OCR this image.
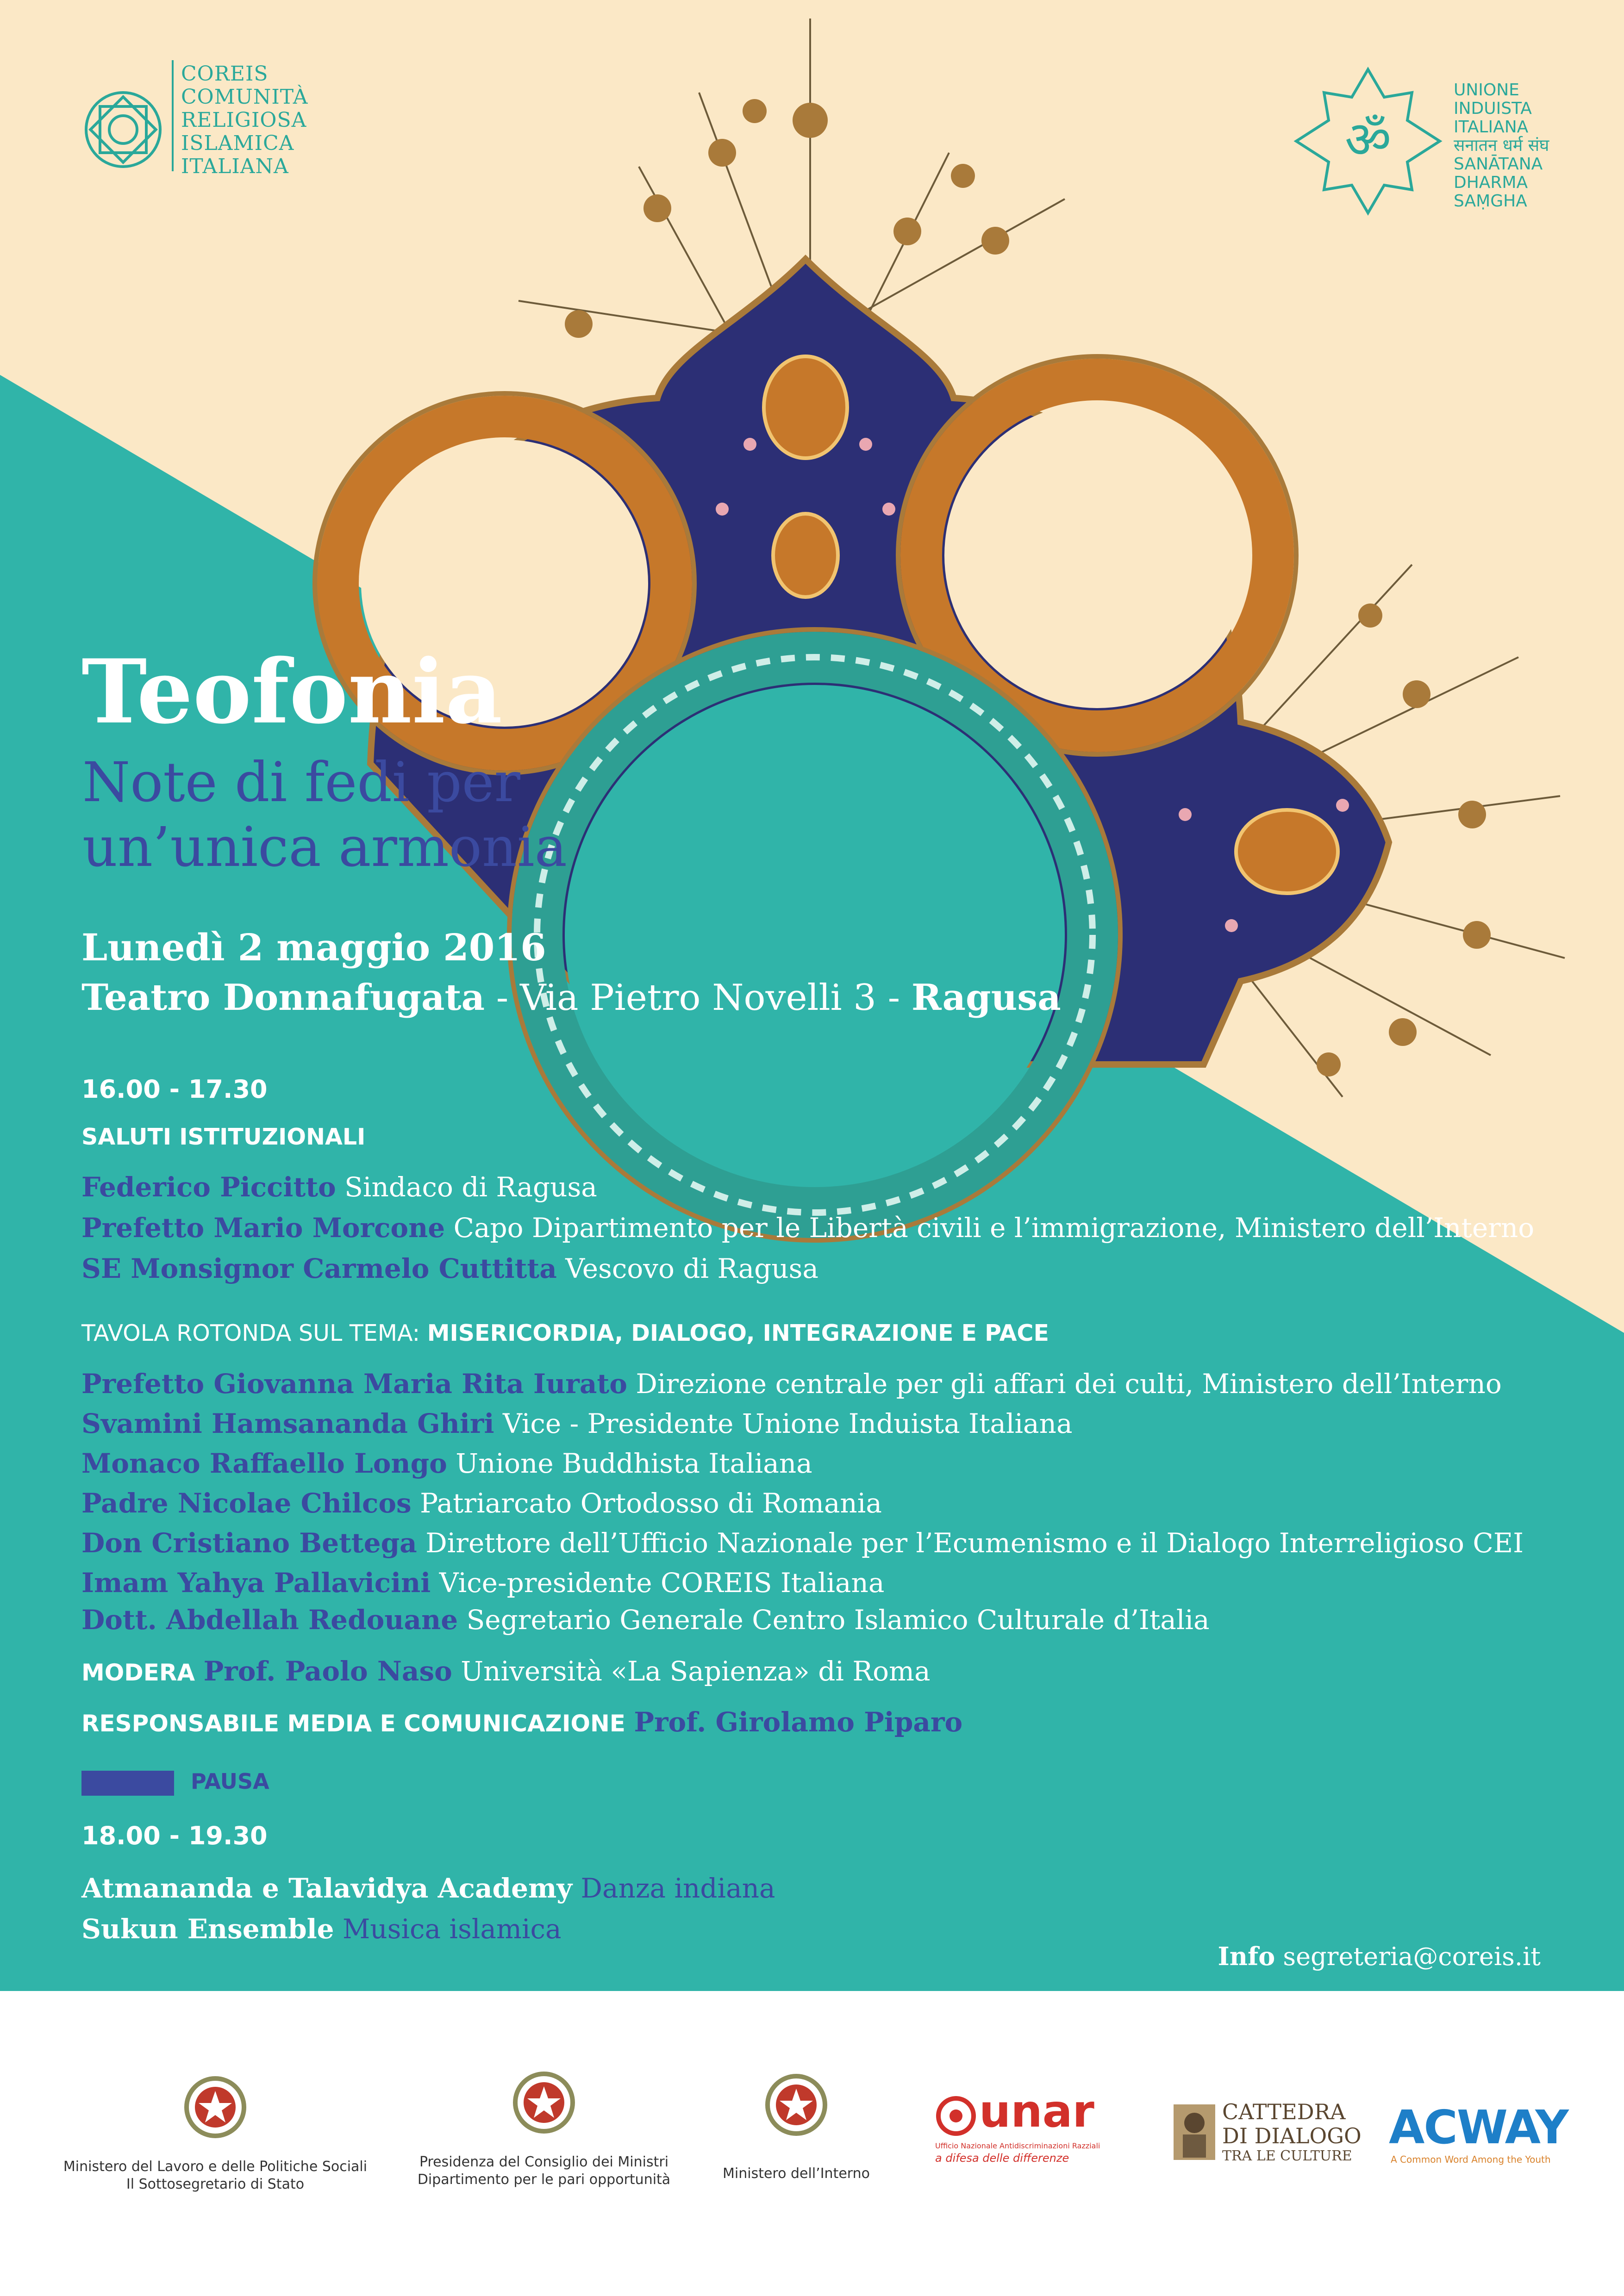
COREIS
COMUNITÀ
RELIGIOSA
ISLAMICA
ITALIANA	ॐ
UNIONE
INDUISTA
ITALIANA
सनातन धर्म संघ
SANĀTANA
DHARMA
SAṂGHA
Teofonia
Note di fedi per
un’unica armonia
Lunedì 2 maggio 2016
Teatro Donnafugata - Via Pietro Novelli 3 - Ragusa
16.00 - 17.30
SALUTI ISTITUZIONALI
Federico Piccitto Sindaco di Ragusa
Prefetto Mario Morcone Capo Dipartimento per le Libertà civili e l’immigrazione, Ministero dell’Interno
SE Monsignor Carmelo Cuttitta Vescovo di Ragusa
TAVOLA ROTONDA SUL TEMA: MISERICORDIA, DIALOGO, INTEGRAZIONE E PACE
Prefetto Giovanna Maria Rita Iurato Direzione centrale per gli affari dei culti, Ministero dell’Interno
Svamini Hamsananda Ghiri Vice - Presidente Unione Induista Italiana
Monaco Raffaello Longo Unione Buddhista Italiana
Padre Nicolae Chilcos Patriarcato Ortodosso di Romania
Don Cristiano Bettega Direttore dell’Ufficio Nazionale per l’Ecumenismo e il Dialogo Interreligioso CEI
Imam Yahya Pallavicini Vice-presidente COREIS Italiana
Dott. Abdellah Redouane Segretario Generale Centro Islamico Culturale d’Italia
MODERA Prof. Paolo Naso Università «La Sapienza» di Roma
RESPONSABILE MEDIA E COMUNICAZIONE Prof. Girolamo Piparo
PAUSA
18.00 - 19.30
Atmananda e Talavidya Academy Danza indiana
Sukun Ensemble Musica islamica
Info segreteria@coreis.it
Ministero del Lavoro e delle Politiche Sociali
Il Sottosegretario di Stato
Presidenza del Consiglio dei Ministri
Dipartimento per le pari opportunità	Ministero dell’Interno
unar
Ufficio Nazionale Antidiscriminazioni Razziali
a difesa delle differenze
CATTEDRA
DI DIALOGO
TRA LE CULTURE
ACWAY
A Common Word Among the Youth
